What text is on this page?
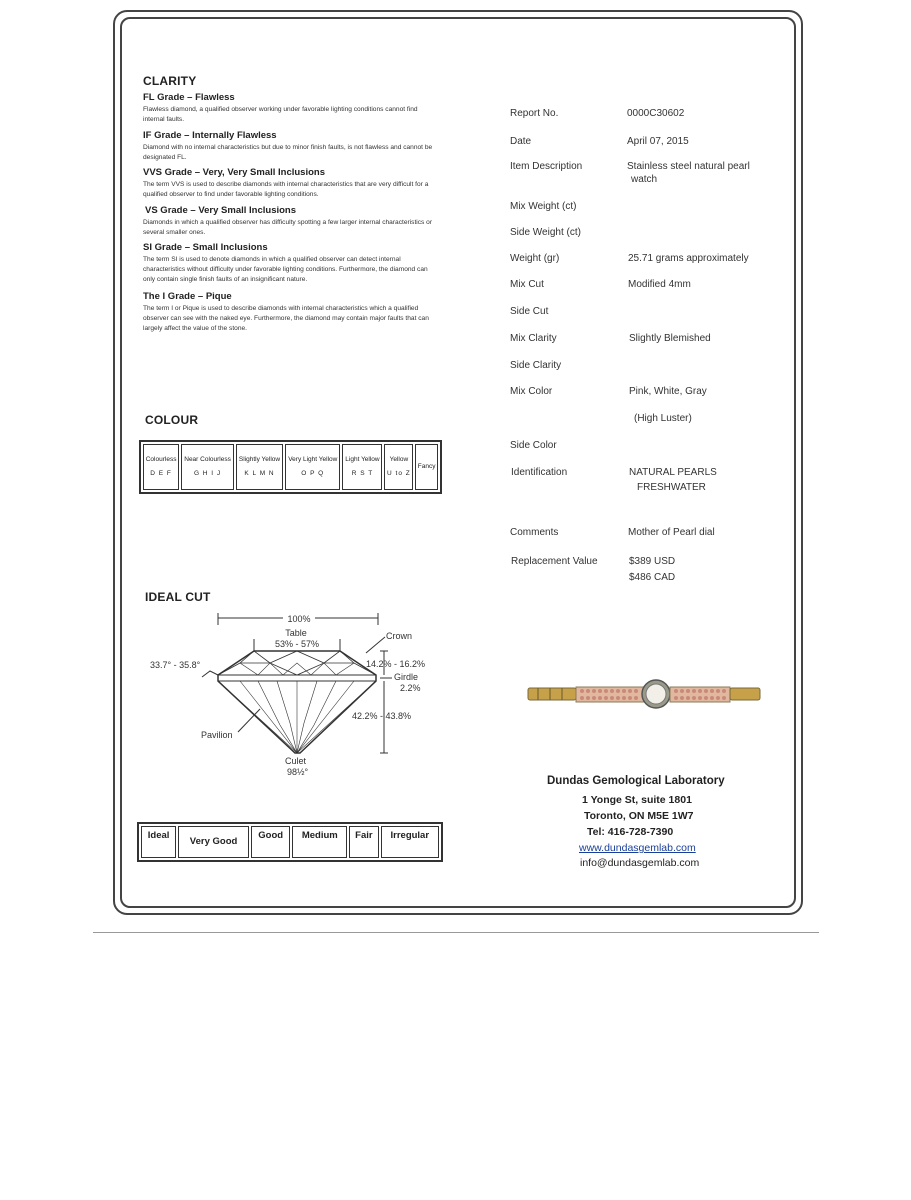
CLARITY
FL Grade – Flawless
Flawless diamond, a qualified observer working under favorable lighting conditions cannot find internal faults.
IF Grade – Internally Flawless
Diamond with no internal characteristics but due to minor finish faults, is not flawless and cannot be designated FL.
VVS Grade – Very, Very Small Inclusions
The term VVS is used to describe diamonds with internal characteristics that are very difficult for a qualified observer to find under favorable lighting conditions.
VS Grade – Very Small Inclusions
Diamonds in which a qualified observer has difficulty spotting a few larger internal characteristics or several smaller ones.
SI Grade – Small Inclusions
The term SI is used to denote diamonds in which a qualified observer can detect internal characteristics without difficulty under favorable lighting conditions. Furthermore, the diamond can only contain single finish faults of an insignificant nature.
The I Grade – Pique
The term I or Pique is used to describe diamonds with internal characteristics which a qualified observer can see with the naked eye. Furthermore, the diamond may contain major faults that can largely affect the value of the stone.
COLOUR
Colourless
D E F
	Near Colourless
G H I J
	Slightly Yellow
K L M N
	Very Light Yellow
O P Q
	Light Yellow
R S T
	Yellow
U to Z
	Fancy
IDEAL CUT
100%
Table
53% - 57%
Crown
33.7° - 35.8°	14.2% - 16.2%
Girdle
2.2%
42.2% - 43.8%
Pavilion
Culet
98½°
Ideal	Very Good	Good	Medium	Fair	Irregular
Report No.	0000C30602
Date	April 07, 2015
Item Description	Stainless steel natural pearl
watch
Mix Weight (ct)
Side Weight (ct)
Weight (gr)	25.71 grams approximately
Mix Cut	Modified 4mm
Side Cut
Mix Clarity	Slightly Blemished
Side Clarity
Mix Color	Pink, White, Gray
(High Luster)
Side Color
Identification	NATURAL PEARLS
FRESHWATER
Comments	Mother of Pearl dial
Replacement Value	$389 USD
$486 CAD
Dundas Gemological Laboratory
1 Yonge St, suite 1801
Toronto, ON M5E 1W7
Tel: 416-728-7390
www.dundasgemlab.com
info@dundasgemlab.com
